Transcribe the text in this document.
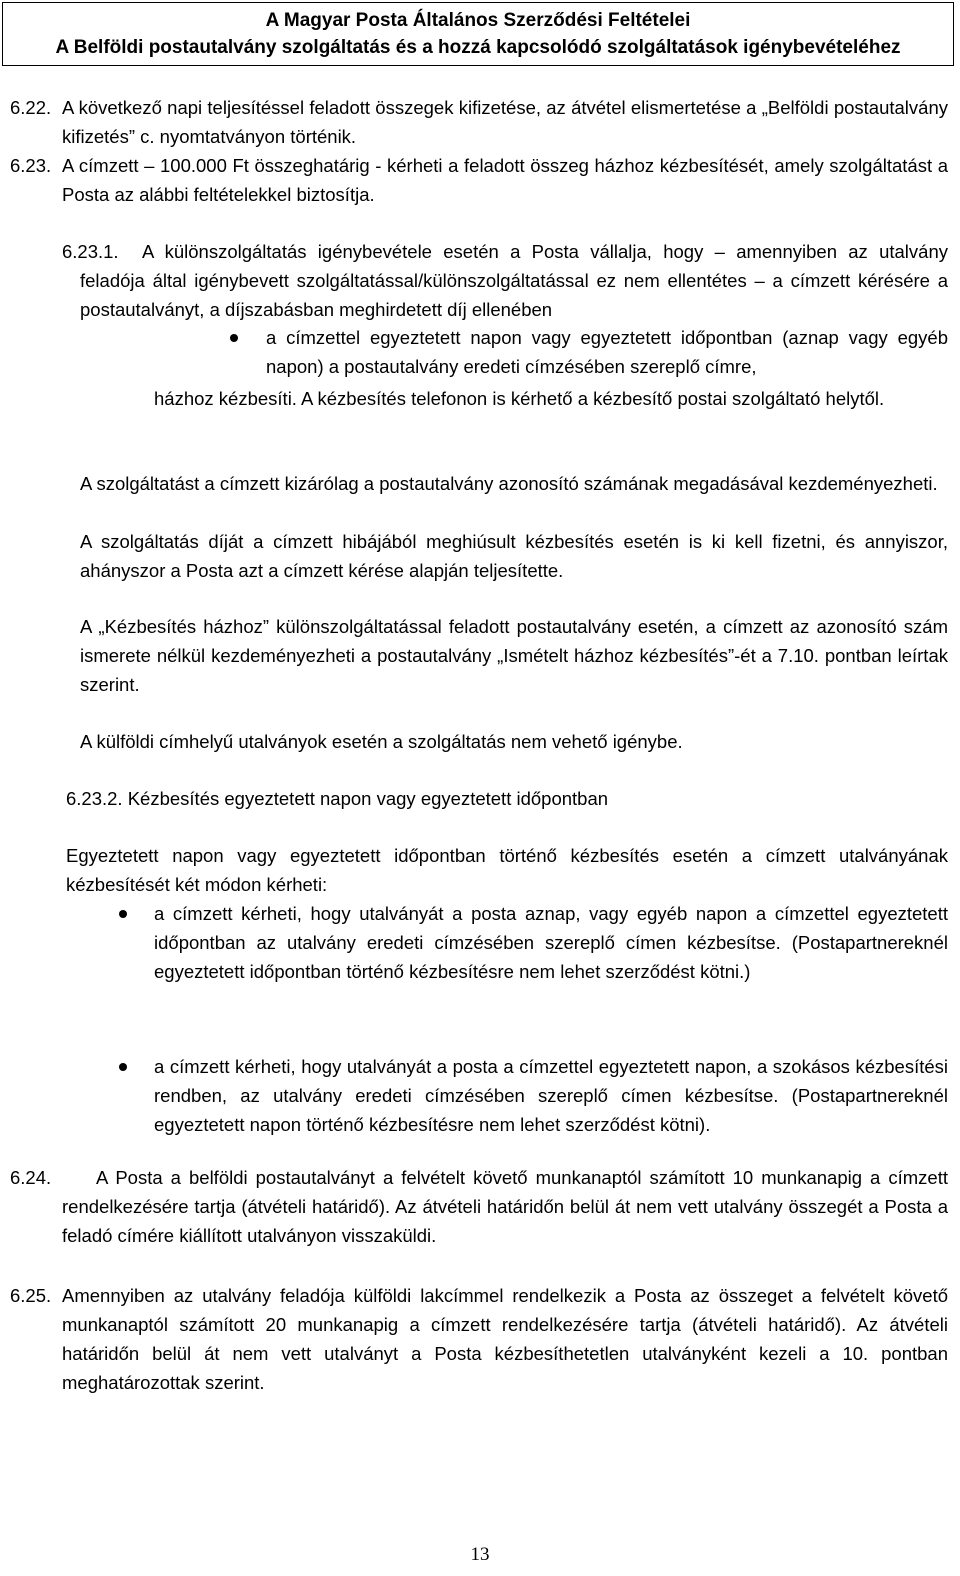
A Magyar Posta Általános Szerződési Feltételei
A Belföldi postautalvány szolgáltatás és a hozzá kapcsolódó szolgáltatások igénybevételéhez
6.22. A következő napi teljesítéssel feladott összegek kifizetése, az átvétel elismertetése a „Belföldi postautalvány kifizetés” c. nyomtatványon történik.
6.23. A címzett – 100.000 Ft összeghatárig - kérheti a feladott összeg házhoz kézbesítését, amely szolgáltatást a Posta az alábbi feltételekkel biztosítja.
6.23.1.	A különszolgáltatás igénybevétele esetén a Posta vállalja, hogy – amennyiben az utalvány feladója által igénybevett szolgáltatással/különszolgáltatással ez nem ellentétes – a címzett kérésére a postautalványt, a díjszabásban meghirdetett díj ellenében
a címzettel egyeztetett napon vagy egyeztetett időpontban (aznap vagy egyéb napon) a postautalvány eredeti címzésében szereplő címre,
házhoz kézbesíti. A kézbesítés telefonon is kérhető a kézbesítő postai szolgáltató helytől.
A szolgáltatást a címzett kizárólag a postautalvány azonosító számának megadásával kezdeményezheti.
A szolgáltatás díját a címzett hibájából meghiúsult kézbesítés esetén is ki kell fizetni, és annyiszor, ahányszor a Posta azt a címzett kérése alapján teljesítette.
A „Kézbesítés házhoz” különszolgáltatással feladott postautalvány esetén, a címzett az azonosító szám ismerete nélkül kezdeményezheti a postautalvány „Ismételt házhoz kézbesítés”-ét a 7.10. pontban leírtak szerint.
A külföldi címhelyű utalványok esetén a szolgáltatás nem vehető igénybe.
6.23.2. Kézbesítés egyeztetett napon vagy egyeztetett időpontban
Egyeztetett napon vagy egyeztetett időpontban történő kézbesítés esetén a címzett utalványának kézbesítését két módon kérheti:
a címzett kérheti, hogy utalványát a posta aznap, vagy egyéb napon a címzettel egyeztetett időpontban az utalvány eredeti címzésében szereplő címen kézbesítse. (Postapartnereknél egyeztetett időpontban történő kézbesítésre nem lehet szerződést kötni.)
a címzett kérheti, hogy utalványát a posta a címzettel egyeztetett napon, a szokásos kézbesítési rendben, az utalvány eredeti címzésében szereplő címen kézbesítse. (Postapartnereknél egyeztetett napon történő kézbesítésre nem lehet szerződést kötni).
6.24.	A Posta a belföldi postautalványt a felvételt követő munkanaptól számított 10 munkanapig a címzett rendelkezésére tartja (átvételi határidő). Az átvételi határidőn belül át nem vett utalvány összegét a Posta a feladó címére kiállított utalványon visszaküldi.
6.25. Amennyiben az utalvány feladója külföldi lakcímmel rendelkezik a Posta az összeget a felvételt követő munkanaptól számított 20 munkanapig a címzett rendelkezésére tartja (átvételi határidő). Az átvételi határidőn belül át nem vett utalványt a Posta kézbesíthetetlen utalványként kezeli a 10. pontban meghatározottak szerint.
13
